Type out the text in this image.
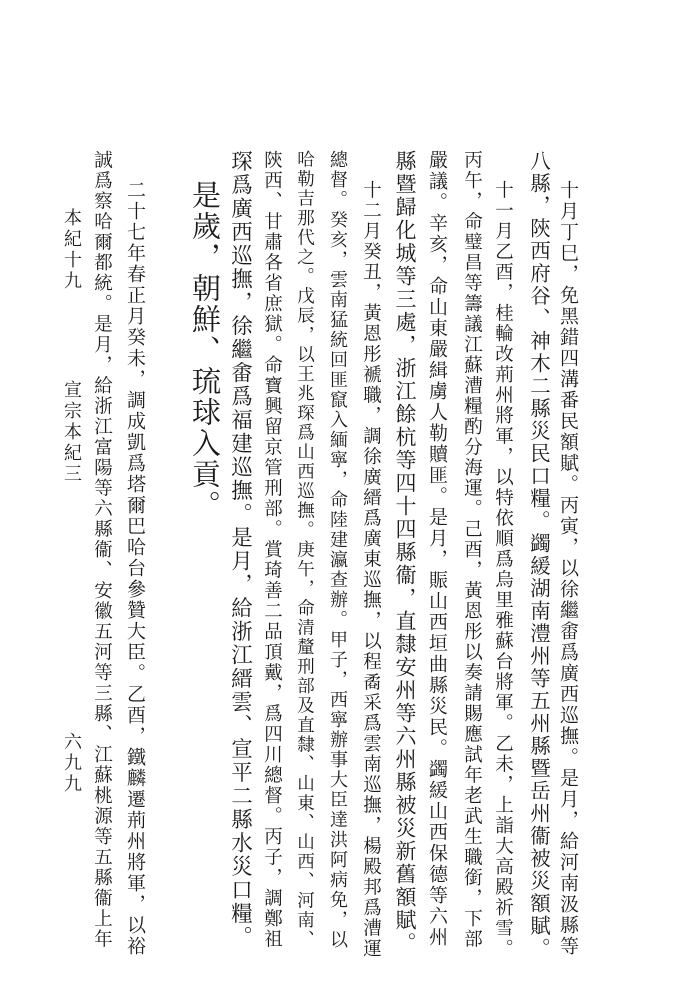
十月丁巳，免黑錯四溝番民額賦。丙寅，以徐繼畬爲廣西巡撫。是月，給河南汲縣等
八縣，陝西府谷、神木二縣災民口糧。蠲緩湖南澧州等五州縣暨岳州衞被災額賦。
十一月乙酉，桂輪改荊州將軍，以特依順爲烏里雅蘇台將軍。乙未，上詣大高殿祈雪。
丙午，命璧昌等籌議江蘇漕糧酌分海運。己酉，黃恩彤以奏請賜應試年老武生職銜，下部
嚴議。辛亥，命山東嚴緝虜人勒贖匪。是月，賑山西垣曲縣災民。蠲緩山西保德等六州
縣暨歸化城等三處，浙江餘杭等四十四縣衞，直隸安州等六州縣被災新舊額賦。
十二月癸丑，黃恩彤褫職，調徐廣縉爲廣東巡撫，以程矞采爲雲南巡撫，楊殿邦爲漕運
總督。癸亥，雲南猛統回匪竄入緬寧，命陸建瀛查辦。甲子，西寧辦事大臣達洪阿病免，以
哈勒吉那代之。戊辰，以王兆琛爲山西巡撫。庚午，命清釐刑部及直隸、山東、山西、河南、
陝西、甘肅各省庶獄。命寶興留京管刑部。賞琦善二品頂戴，爲四川總督。丙子，調鄭祖
琛爲廣西巡撫，徐繼畬爲福建巡撫。是月，給浙江縉雲、宣平二縣水災口糧。
是歲，朝鮮、琉球入貢。
二十七年春正月癸未，調成凱爲塔爾巴哈台參贊大臣。乙酉，鐵麟遷荊州將軍，以裕
誠爲察哈爾都統。是月，給浙江富陽等六縣衞、安徽五河等三縣、江蘇桃源等五縣衞上年
本紀十九
宣宗本紀三
六九九
